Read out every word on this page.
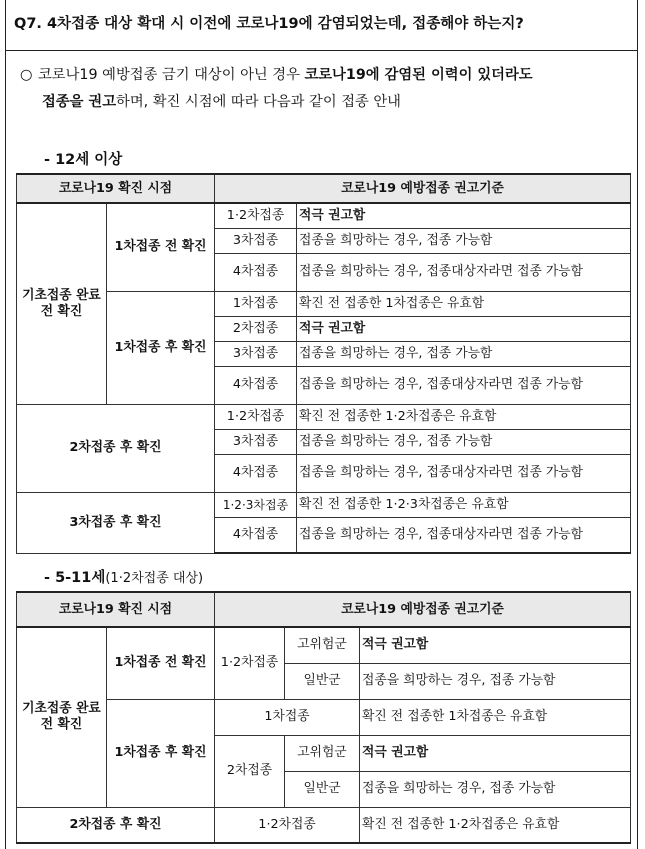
Q7. 4차접종 대상 확대 시 이전에 코로나19에 감염되었는데, 접종해야 하는지?
○ 코로나19 예방접종 금기 대상이 아닌 경우 코로나19에 감염된 이력이 있더라도
접종을 권고하며, 확진 시점에 따라 다음과 같이 접종 안내
- 12세 이상
코로나19 확진 시점		코로나19 예방접종 권고기준	
기초접종 완료 전 확진	1차접종 전 확진	1·2차접종	적극 권고함
		3차접종	접종을 희망하는 경우, 접종 가능함
		4차접종	접종을 희망하는 경우, 접종대상자라면 접종 가능함
	1차접종 후 확진	1차접종	확진 전 접종한 1차접종은 유효함
		2차접종	적극 권고함
		3차접종	접종을 희망하는 경우, 접종 가능함
		4차접종	접종을 희망하는 경우, 접종대상자라면 접종 가능함
2차접종 후 확진		1·2차접종	확진 전 접종한 1·2차접종은 유효함
		3차접종	접종을 희망하는 경우, 접종 가능함
		4차접종	접종을 희망하는 경우, 접종대상자라면 접종 가능함
3차접종 후 확진		1·2·3차접종	확진 전 접종한 1·2·3차접종은 유효함
		4차접종	접종을 희망하는 경우, 접종대상자라면 접종 가능함
- 5-11세(1·2차접종 대상)
코로나19 확진 시점		코로나19 예방접종 권고기준		
기초접종 완료 전 확진	1차접종 전 확진	1·2차접종	고위험군	적극 권고함
			일반군	접종을 희망하는 경우, 접종 가능함
	1차접종 후 확진	1차접종		확진 전 접종한 1차접종은 유효함
		2차접종	고위험군	적극 권고함
			일반군	접종을 희망하는 경우, 접종 가능함
2차접종 후 확진		1·2차접종		확진 전 접종한 1·2차접종은 유효함
